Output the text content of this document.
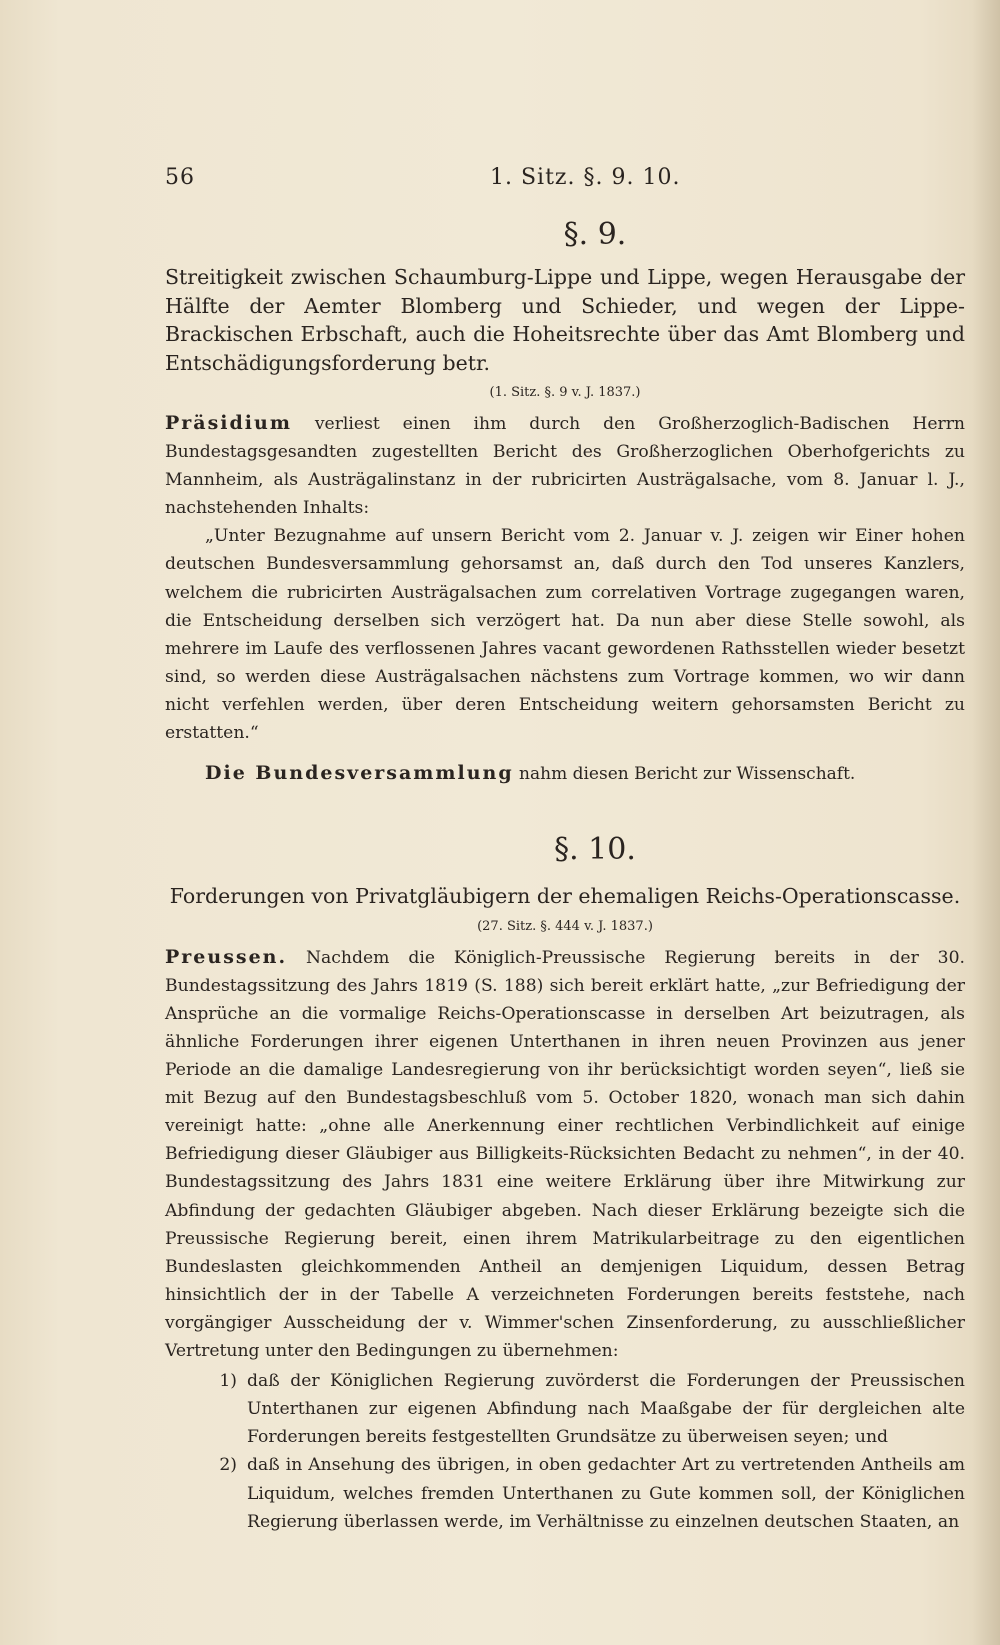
56	1. Sitz. §. 9. 10.
§. 9.

Streitigkeit zwischen Schaumburg-Lippe und Lippe, wegen Herausgabe der Hälfte der Aemter Blomberg und Schieder, und wegen der Lippe-Brackischen Erbschaft, auch die Hoheitsrechte über das Amt Blomberg und Entschädigungsforderung betr.

(1. Sitz. §. 9 v. J. 1837.)

Präsidium verliest einen ihm durch den Großherzoglich-Badischen Herrn Bundestagsgesandten zugestellten Bericht des Großherzoglichen Oberhofgerichts zu Mannheim, als Austrägalinstanz in der rubricirten Austrägalsache, vom 8. Januar l. J., nachstehenden Inhalts:

„Unter Bezugnahme auf unsern Bericht vom 2. Januar v. J. zeigen wir Einer hohen deutschen Bundesversammlung gehorsamst an, daß durch den Tod unseres Kanzlers, welchem die rubricirten Austrägalsachen zum correlativen Vortrage zugegangen waren, die Entscheidung derselben sich verzögert hat. Da nun aber diese Stelle sowohl, als mehrere im Laufe des verflossenen Jahres vacant gewordenen Rathsstellen wieder besetzt sind, so werden diese Austrägalsachen nächstens zum Vortrage kommen, wo wir dann nicht verfehlen werden, über deren Entscheidung weitern gehorsamsten Bericht zu erstatten.“

Die Bundesversammlung nahm diesen Bericht zur Wissenschaft.

§. 10.

Forderungen von Privatgläubigern der ehemaligen Reichs-Operationscasse.

(27. Sitz. §. 444 v. J. 1837.)

Preussen. Nachdem die Königlich-Preussische Regierung bereits in der 30. Bundestagssitzung des Jahrs 1819 (S. 188) sich bereit erklärt hatte, „zur Befriedigung der Ansprüche an die vormalige Reichs-Operationscasse in derselben Art beizutragen, als ähnliche Forderungen ihrer eigenen Unterthanen in ihren neuen Provinzen aus jener Periode an die damalige Landesregierung von ihr berücksichtigt worden seyen“, ließ sie mit Bezug auf den Bundestagsbeschluß vom 5. October 1820, wonach man sich dahin vereinigt hatte: „ohne alle Anerkennung einer rechtlichen Verbindlichkeit auf einige Befriedigung dieser Gläubiger aus Billigkeits-Rücksichten Bedacht zu nehmen“, in der 40. Bundestagssitzung des Jahrs 1831 eine weitere Erklärung über ihre Mitwirkung zur Abfindung der gedachten Gläubiger abgeben. Nach dieser Erklärung bezeigte sich die Preussische Regierung bereit, einen ihrem Matrikularbeitrage zu den eigentlichen Bundeslasten gleichkommenden Antheil an demjenigen Liquidum, dessen Betrag hinsichtlich der in der Tabelle A verzeichneten Forderungen bereits feststehe, nach vorgängiger Ausscheidung der v. Wimmer'schen Zinsenforderung, zu ausschließlicher Vertretung unter den Bedingungen zu übernehmen:

1) daß der Königlichen Regierung zuvörderst die Forderungen der Preussischen Unterthanen zur eigenen Abfindung nach Maaßgabe der für dergleichen alte Forderungen bereits festgestellten Grundsätze zu überweisen seyen; und
2) daß in Ansehung des übrigen, in oben gedachter Art zu vertretenden Antheils am Liquidum, welches fremden Unterthanen zu Gute kommen soll, der Königlichen Regierung überlassen werde, im Verhältnisse zu einzelnen deutschen Staaten, an
